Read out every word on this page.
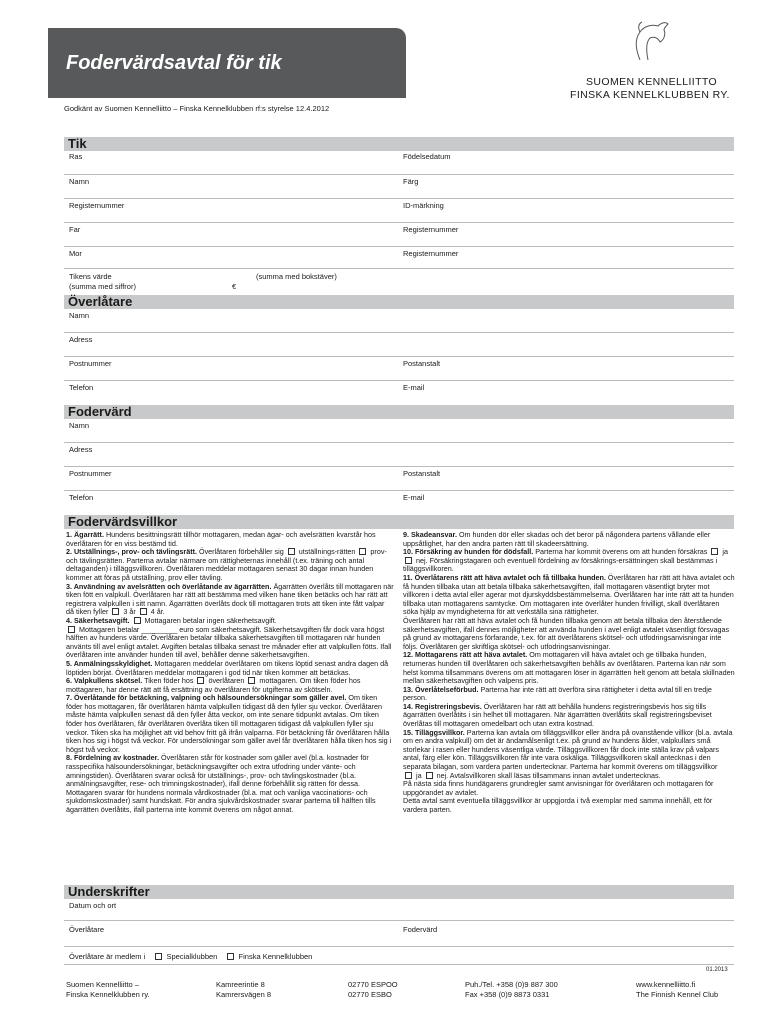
Fodervärdsavtal för tik
SUOMEN KENNELLIITTO
FINSKA KENNELKLUBBEN RY.
Godkänt av Suomen Kennelliitto – Finska Kennelklubben rf:s styrelse 12.4.2012
Tik
Ras	Födelsedatum
Namn	Färg
Registernummer	ID-märkning
Far	Registernummer
Mor	Registernummer
Tikens värde
(summa med siffror)	€
(summa med bokstäver)
Överlåtare
Namn
Adress
Postnummer	Postanstalt
Telefon	E-mail
Fodervärd
Namn
Adress
Postnummer	Postanstalt
Telefon	E-mail
Fodervärdsvillkor

1. Ägarrätt. Hundens besittningsrätt tillhör mottagaren, medan ägar- och avelsrätten kvarstår hos överlåtaren för en viss bestämd tid.

2. Utställnings-, prov- och tävlingsrätt. Överlåtaren förbehåller sig  utställnings-rätten  prov- och tävlingsrätten. Parterna avtalar närmare om rättigheternas innehåll (t.ex. träning och antal deltaganden) i tilläggsvillkoren. Överlåtaren meddelar mottagaren senast 30 dagar innan hunden kommer att föras på utställning, prov eller tävling.

3. Användning av avelsrätten och överlåtande av ägarrätten. Ägarrätten överlåts till mottagaren när tiken fött en valpkull. Överlåtaren har rätt att bestämma med vilken hane tiken betäcks och har rätt att registrera valpkullen i sitt namn. Ägarrätten överlåts dock till mottagaren trots att tiken inte fått valpar då tiken fyller  3 år  4 år.

4. Säkerhetsavgift.  Mottagaren betalar ingen säkerhetsavgift.
Mottagaren betalar _________ euro som säkerhetsavgift. Säkerhetsavgiften får dock vara högst hälften av hundens värde. Överlåtaren betalar tillbaka säkerhetsavgiften till mottagaren när hunden använts till avel enligt avtalet. Avgiften betalas tillbaka senast tre månader efter att valpkullen fötts. Ifall överlåtaren inte använder hunden till avel, behåller denne säkerhetsavgiften.

5. Anmälningsskyldighet. Mottagaren meddelar överlåtaren om tikens löptid senast andra dagen då löptiden börjat. Överlåtaren meddelar mottagaren i god tid när tiken kommer att betäckas.

6. Valpkullens skötsel. Tiken föder hos  överlåtaren  mottagaren. Om tiken föder hos mottagaren, har denne rätt att få ersättning av överlåtaren för utgifterna av skötseln.

7. Överlåtande för betäckning, valpning och hälsoundersökningar som gäller avel. Om tiken föder hos mottagaren, får överlåtaren hämta valpkullen tidigast då den fyller sju veckor. Överlåtaren måste hämta valpkullen senast då den fyller åtta veckor, om inte senare tidpunkt avtalas. Om tiken föder hos överlåtaren, får överlåtaren överlåta tiken till mottagaren tidigast då valpkullen fyller sju veckor. Tiken ska ha möjlighet att vid behov fritt gå ifrån valparna. För betäckning får överlåtaren hålla tiken hos sig i högst två veckor. För undersökningar som gäller avel får överlåtaren hålla tiken hos sig i högst två veckor.

8. Fördelning av kostnader. Överlåtaren står för kostnader som gäller avel (bl.a. kostnader för rasspecifika hälsoundersökningar, betäckningsavgifter och extra utfodring under vänte- och amningstiden). Överlåtaren svarar också för utställnings-, prov- och tävlingskostnader (bl.a. anmälningsavgifter, rese- och trimningskostnader), ifall denne förbehållit sig rätten för dessa. Mottagaren svarar för hundens normala vårdkostnader (bl.a. mat och vanliga vaccinations- och sjukdomskostnader) samt hundskatt. För andra sjukvårdskostnader svarar parterna till hälften tills ägarrätten överlåtits, ifall parterna inte kommit överens om något annat.

9. Skadeansvar. Om hunden dör eller skadas och det beror på någondera partens vållande eller uppsåtlighet, har den andra parten rätt till skadeersättning.

10. Försäkring av hunden för dödsfall. Parterna har kommit överens om att hunden försäkras  ja  nej. Försäkringstagaren och eventuell fördelning av försäkrings-ersättningen skall bestämmas i tilläggsvillkoren.

11. Överlåtarens rätt att häva avtalet och få tillbaka hunden. Överlåtaren har rätt att häva avtalet och få hunden tillbaka utan att betala tillbaka säkerhetsavgiften, ifall mottagaren väsentligt bryter mot villkoren i detta avtal eller agerar mot djurskyddsbestämmelserna. Överlåtaren har inte rätt att ta hunden tillbaka utan mottagarens samtycke. Om mottagaren inte överlåter hunden frivilligt, skall överlåtaren söka hjälp av myndigheterna för att verkställa sina rättigheter.

Överlåtaren har rätt att häva avtalet och få hunden tillbaka genom att betala tillbaka den återstående säkerhetsavgiften, ifall dennes möjligheter att använda hunden i avel enligt avtalet väsentligt försvagas på grund av mottagarens förfarande, t.ex. för att överlåtarens skötsel- och utfodringsanvisningar inte följs. Överlåtaren ger skriftliga skötsel- och utfodringsanvisningar.

12. Mottagarens rätt att häva avtalet. Om mottagaren vill häva avtalet och ge tillbaka hunden, returneras hunden till överlåtaren och säkerhetsavgiften behålls av överlåtaren. Parterna kan när som helst komma tillsammans överens om att mottagaren löser in ägarrätten helt genom att betala skillnaden mellan säkerhetsavgiften och valpens pris.

13. Överlåtelseförbud. Parterna har inte rätt att överföra sina rättigheter i detta avtal till en tredje person.

14. Registreringsbevis. Överlåtaren har rätt att behålla hundens registreringsbevis hos sig tills ägarrätten överlåtits i sin helhet till mottagaren. När ägarrätten överlåtits skall registreringsbeviset överlåtas till mottagaren omedelbart och utan extra kostnad.

15. Tilläggsvillkor. Parterna kan avtala om tilläggsvillkor eller ändra på ovanstående villkor (bl.a. avtala om en andra valpkull) om det är ändamålsenligt t.ex. på grund av hundens ålder, valpkullars små storlekar i rasen eller hundens väsentliga värde. Tilläggsvillkoren får dock inte ställa krav på valpars antal, färg eller kön. Tilläggsvillkoren får inte vara oskäliga. Tilläggsvillkoren skall antecknas i den separata bilagan, som vardera parten undertecknar. Parterna har kommit överens om tilläggsvillkor
ja  nej. Avtalsvillkoren skall läsas tillsammans innan avtalet undertecknas.

På nästa sida finns hundägarens grundregler samt anvisningar för överlåtaren och mottagaren för uppgörandet av avtalet.

Detta avtal samt eventuella tilläggsvillkor är uppgjorda i två exemplar med samma innehåll, ett för vardera parten.

Underskrifter
Datum och ort
Överlåtare	Fodervärd
Överlåtare är medlem i	Specialklubben	Finska Kennelklubben
01.2013
Suomen Kennelliitto –
Finska Kennelklubben ry.
Kamreerintie 8
Kamrersvägen 8
02770 ESPOO
02770 ESBO
Puh./Tel. +358 (0)9 887 300
Fax +358 (0)9 8873 0331
www.kennelliitto.fi
The Finnish Kennel Club
